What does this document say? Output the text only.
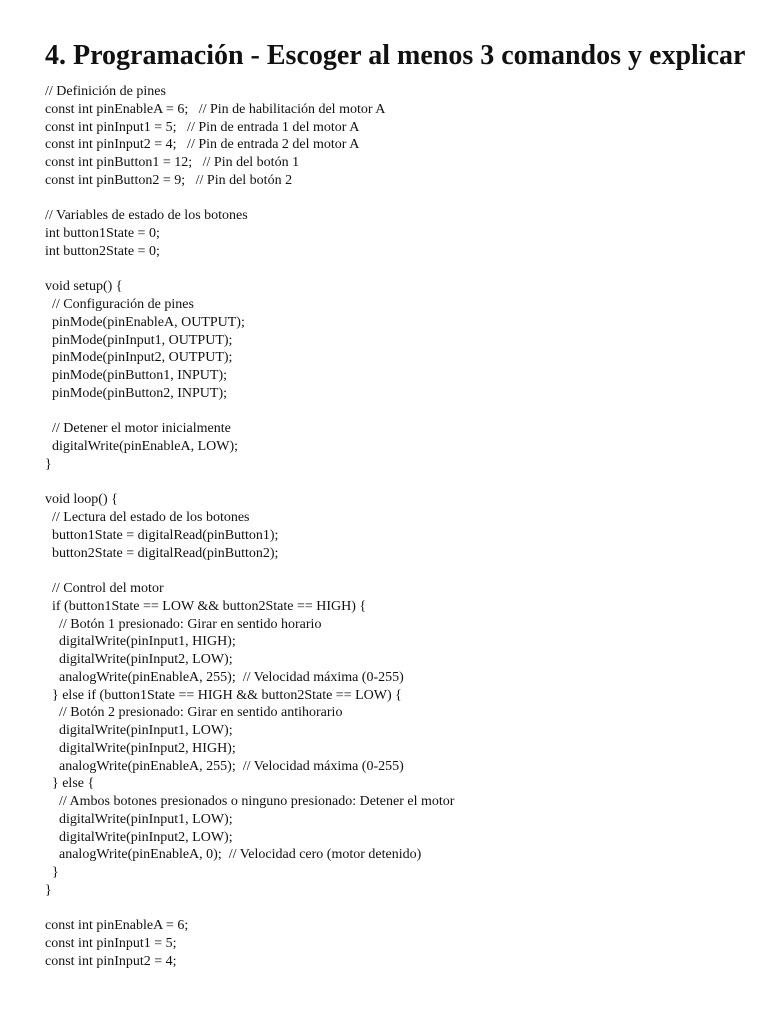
4. Programación - Escoger al menos 3 comandos y explicar
// Definición de pines
const int pinEnableA = 6;   // Pin de habilitación del motor A
const int pinInput1 = 5;   // Pin de entrada 1 del motor A
const int pinInput2 = 4;   // Pin de entrada 2 del motor A
const int pinButton1 = 12;   // Pin del botón 1
const int pinButton2 = 9;   // Pin del botón 2
// Variables de estado de los botones
int button1State = 0;
int button2State = 0;
void setup() {
// Configuración de pines
pinMode(pinEnableA, OUTPUT);
pinMode(pinInput1, OUTPUT);
pinMode(pinInput2, OUTPUT);
pinMode(pinButton1, INPUT);
pinMode(pinButton2, INPUT);
// Detener el motor inicialmente
digitalWrite(pinEnableA, LOW);
}
void loop() {
// Lectura del estado de los botones
button1State = digitalRead(pinButton1);
button2State = digitalRead(pinButton2);
// Control del motor
if (button1State == LOW && button2State == HIGH) {
// Botón 1 presionado: Girar en sentido horario
digitalWrite(pinInput1, HIGH);
digitalWrite(pinInput2, LOW);
analogWrite(pinEnableA, 255);  // Velocidad máxima (0-255)
} else if (button1State == HIGH && button2State == LOW) {
// Botón 2 presionado: Girar en sentido antihorario
digitalWrite(pinInput1, LOW);
digitalWrite(pinInput2, HIGH);
analogWrite(pinEnableA, 255);  // Velocidad máxima (0-255)
} else {
// Ambos botones presionados o ninguno presionado: Detener el motor
digitalWrite(pinInput1, LOW);
digitalWrite(pinInput2, LOW);
analogWrite(pinEnableA, 0);  // Velocidad cero (motor detenido)
}
}
const int pinEnableA = 6;
const int pinInput1 = 5;
const int pinInput2 = 4;
